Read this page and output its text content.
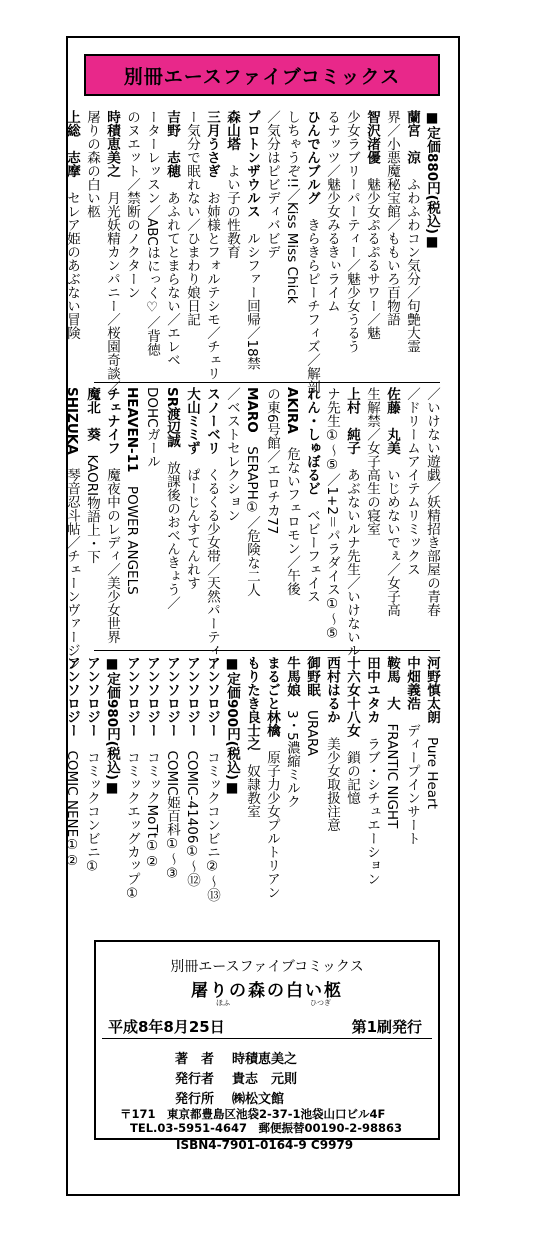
別冊エースファイブコミックス
■定価880円(税込)■
蘭宮　涼　ふわふわコン気分／句艶大霊
界／小悪魔秘宝館／ももいろ百物語
智沢渚優　魅少女ぷるぷるサワー／魅
少女ラブリーパーティー／魅少女うるう
るナッツ／魅少女みるきぃライム
ひんでんブルグ　きらきらピーチフィズ／解剖
しちゃうぞ!!／Kiss Miss Chick
／気分はピビディバビデ
プロトンザウルス　ルシファー回帰／18禁
森山塔　よい子の性教育
三月うさぎ　お姉様とフォルテシモ／チェリ
ー気分で眠れない／ひまわり娘日記
吉野　志穂　あふれてとまらない／エレベ
ーターレッスン／ABCはにっく♡／背徳
のヌエット／禁断のノクターン
時積恵美之　月光妖精カンパニー／桜園奇談／
屠りの森の白い柩
上総　志摩　セレア姫のあぶない冒険
／いけない遊戯／妖精招き部屋の青春
／ドリームアイテムリミックス
佐藤　丸美　いじめないでぇ／女子高
生解禁／女子高生の寝室
上村　純子　あぶないルナ先生／いけないル
ナ先生①〜⑤／1+2＝パラダイス①〜⑤
れん・しゅぼるど　ベビーフェイス
AKIRA　危ないフェロモン／午後
の東6号館／エロチカ77
MARO　SERAPH①／危険な二人
／ベストセレクション
スノーベリ　くるくる少女帯／天然パーティー
大山ミミず　ぱーじんすてんれす
SR渡辺誠　放課後のおべんきょう／
DOHCガール
HEAVEN-11　POWER ANGELS
チェナイフ　魔夜中のレディ／美少女世界
魔北　葵　KAORI物語上・下
SHIZUKA　琴音忍斗帖／チェーンヴァージン
河野慎太朗　Pure Heart
中畑義浩　ディープインサート
鞍馬　大　FRANTIC NIGHT
田中ユタカ　ラブ・シチュエーション
十六女十八女　鎖の記憶
西村はるか　美少女取扱注意
御野眠　URARA
牛馬娘　3・5濃縮ミルク
まるごと林檎　原子力少女プルトリアン
もりたき良士之　奴隷教室
■定価900円(税込)■
アンソロジー　コミックコンビニ②〜⑬
アンソロジー　COMIC-41406①〜⑫
アンソロジー　COMIC姫百科①〜③
アンソロジー　コミックMoTt①②
アンソロジー　コミックエッグカップ①
■定価980円(税込)■
アンソロジー　コミックコンビニ①
アンソロジー　COMIC NENE①②
別冊エースファイブコミックス
屠りの森の白い柩
ほふ	ひつぎ
平成8年8月25日	第1刷発行
著　者 時積恵美之
発行者 貴志　元則
発行所 ㈱松文館
〒171　東京都豊島区池袋2-37-1池袋山口ビル4F
TEL.03-5951-4647　郵便振替00190-2-98863
ISBN4-7901-0164-9 C9979
